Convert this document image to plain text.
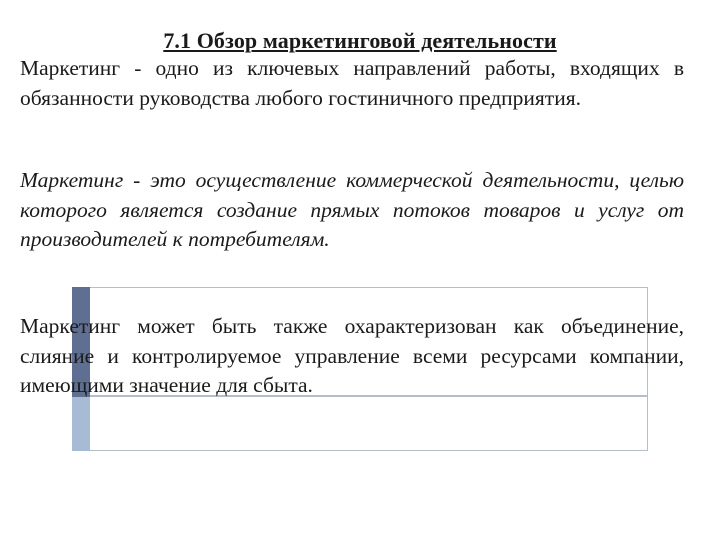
7.1 Обзор маркетинговой деятельности
Маркетинг - одно из ключевых направлений работы, входящих в обязанности руководства любого гостиничного предприятия.
Маркетинг - это осуществление коммерческой деятельности, целью которого является создание прямых потоков товаров и услуг от производителей к потребителям.
Маркетинг может быть также охарактеризован как объединение, слияние и контролируемое управление всеми ресурсами компании, имеющими значение для сбыта.
